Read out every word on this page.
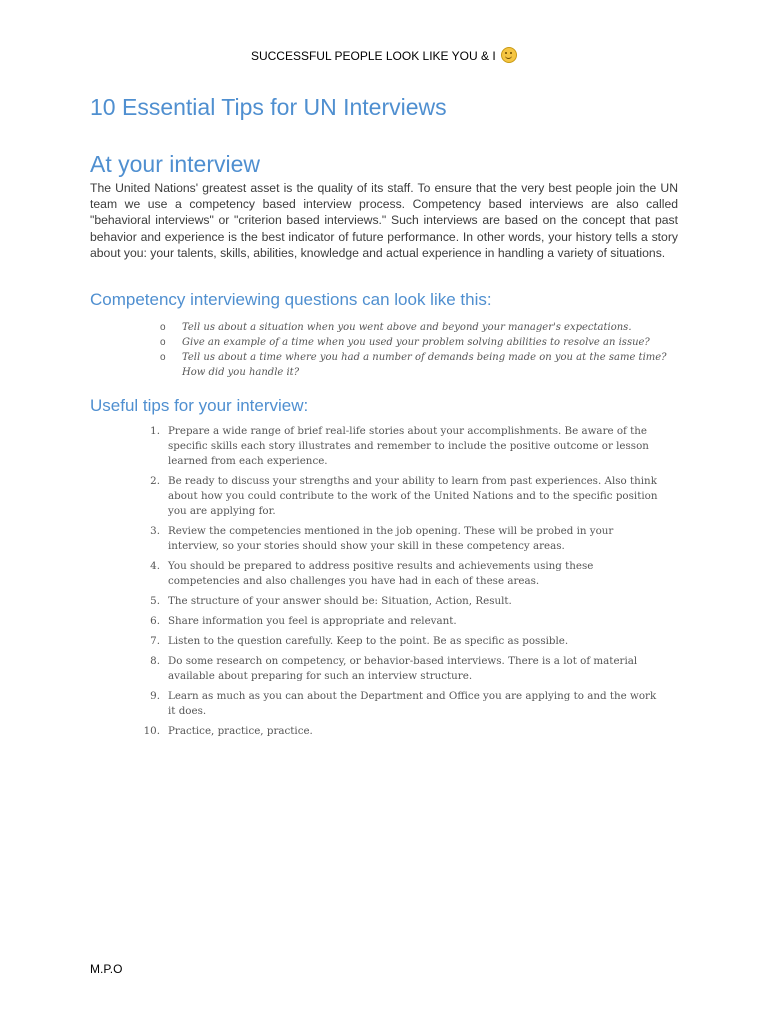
SUCCESSFUL PEOPLE LOOK LIKE YOU & I
10 Essential Tips for UN Interviews
At your interview

The United Nations' greatest asset is the quality of its staff. To ensure that the very best people join the UN team we use a competency based interview process. Competency based interviews are also called "behavioral interviews" or "criterion based interviews." Such interviews are based on the concept that past behavior and experience is the best indicator of future performance. In other words, your history tells a story about you: your talents, skills, abilities, knowledge and actual experience in handling a variety of situations.

Competency interviewing questions can look like this:
o Tell us about a situation when you went above and beyond your manager's expectations.
o Give an example of a time when you used your problem solving abilities to resolve an issue?
o Tell us about a time where you had a number of demands being made on you at the same time? How did you handle it?
Useful tips for your interview:
1. Prepare a wide range of brief real-life stories about your accomplishments. Be aware of the specific skills each story illustrates and remember to include the positive outcome or lesson learned from each experience.
2. Be ready to discuss your strengths and your ability to learn from past experiences. Also think about how you could contribute to the work of the United Nations and to the specific position you are applying for.
3. Review the competencies mentioned in the job opening. These will be probed in your interview, so your stories should show your skill in these competency areas.
4. You should be prepared to address positive results and achievements using these competencies and also challenges you have had in each of these areas.
5. The structure of your answer should be: Situation, Action, Result.
6. Share information you feel is appropriate and relevant.
7. Listen to the question carefully. Keep to the point. Be as specific as possible.
8. Do some research on competency, or behavior-based interviews. There is a lot of material available about preparing for such an interview structure.
9. Learn as much as you can about the Department and Office you are applying to and the work it does.
10. Practice, practice, practice.
M.P.O
